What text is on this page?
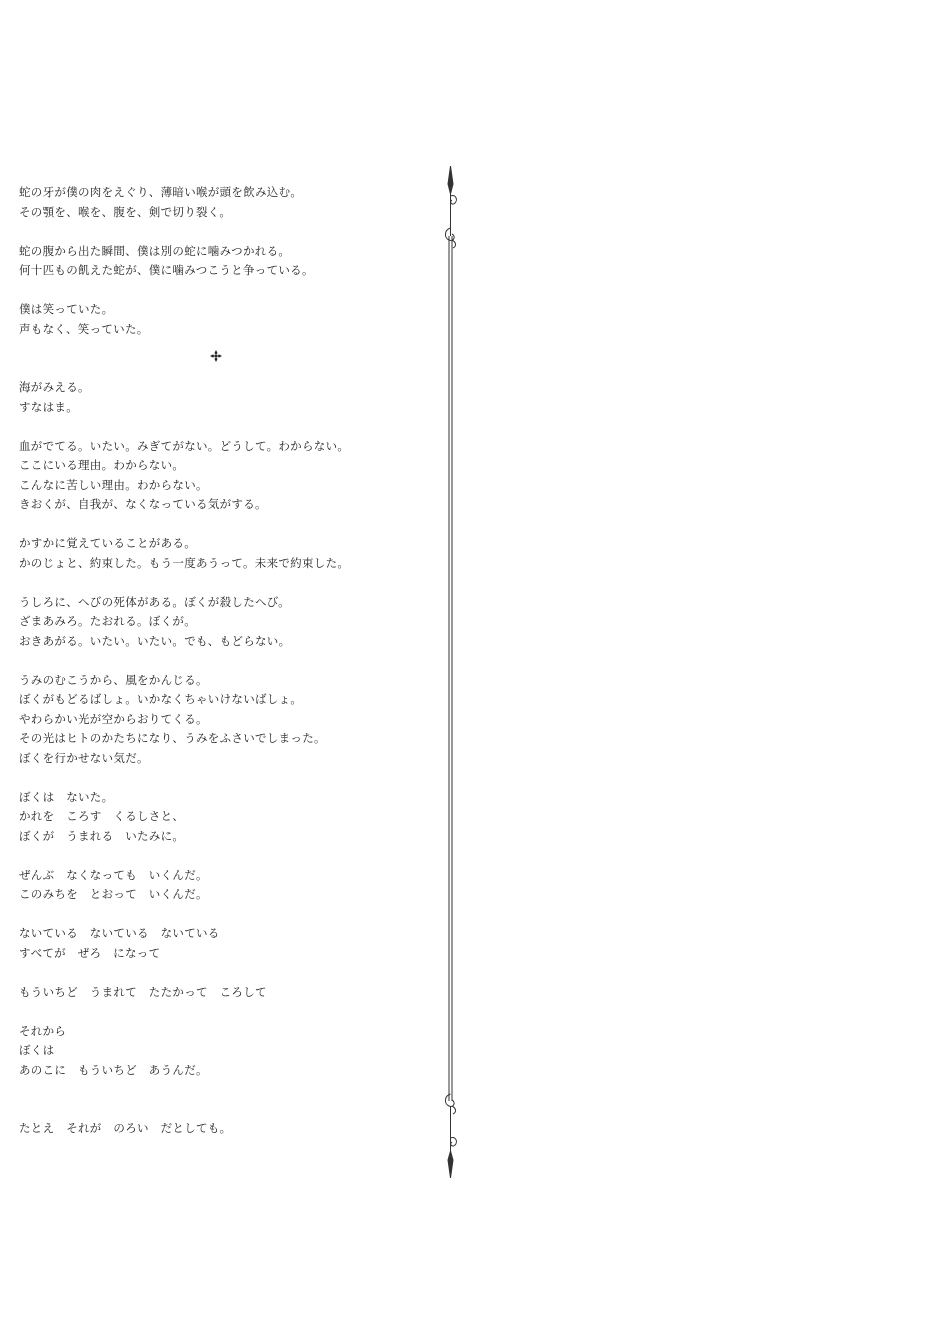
蛇の牙が僕の肉をえぐり、薄暗い喉が頭を飲み込む。
その顎を、喉を、腹を、剣で切り裂く。
蛇の腹から出た瞬間、僕は別の蛇に噛みつかれる。
何十匹もの飢えた蛇が、僕に噛みつこうと争っている。
僕は笑っていた。
声もなく、笑っていた。
海がみえる。
すなはま。
血がでてる。いたい。みぎてがない。どうして。わからない。
ここにいる理由。わからない。
こんなに苦しい理由。わからない。
きおくが、自我が、なくなっている気がする。
かすかに覚えていることがある。
かのじょと、約束した。もう一度あうって。未来で約束した。
うしろに、へびの死体がある。ぼくが殺したへび。
ざまあみろ。たおれる。ぼくが。
おきあがる。いたい。いたい。でも、もどらない。
うみのむこうから、風をかんじる。
ぼくがもどるばしょ。いかなくちゃいけないばしょ。
やわらかい光が空からおりてくる。
その光はヒトのかたちになり、うみをふさいでしまった。
ぼくを行かせない気だ。
ぼくは　ないた。
かれを　ころす　くるしさと、
ぼくが　うまれる　いたみに。
ぜんぶ　なくなっても　いくんだ。
このみちを　とおって　いくんだ。
ないている　ないている　ないている
すべてが　ぜろ　になって
もういちど　うまれて　たたかって　ころして
それから
ぼくは
あのこに　もういちど　あうんだ。
たとえ　それが　のろい　だとしても。
